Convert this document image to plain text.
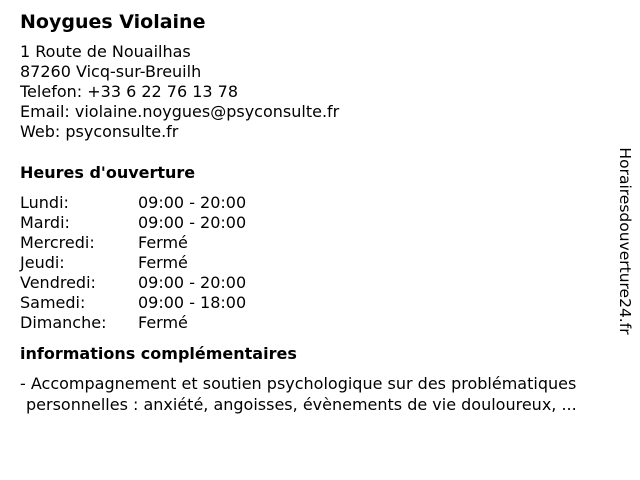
Noygues Violaine
1 Route de Nouailhas
87260 Vicq-sur-Breuilh
Telefon: +33 6 22 76 13 78
Email: violaine.noygues@psyconsulte.fr
Web: psyconsulte.fr
Heures d'ouverture
Lundi:	09:00 - 20:00
Mardi:	09:00 - 20:00
Mercredi:	Fermé
Jeudi:	Fermé
Vendredi:	09:00 - 20:00
Samedi:	09:00 - 18:00
Dimanche:	Fermé
informations complémentaires
- Accompagnement et soutien psychologique sur des problématiques
personnelles : anxiété, angoisses, évènements de vie douloureux, ...
Horairesdouverture24.fr
